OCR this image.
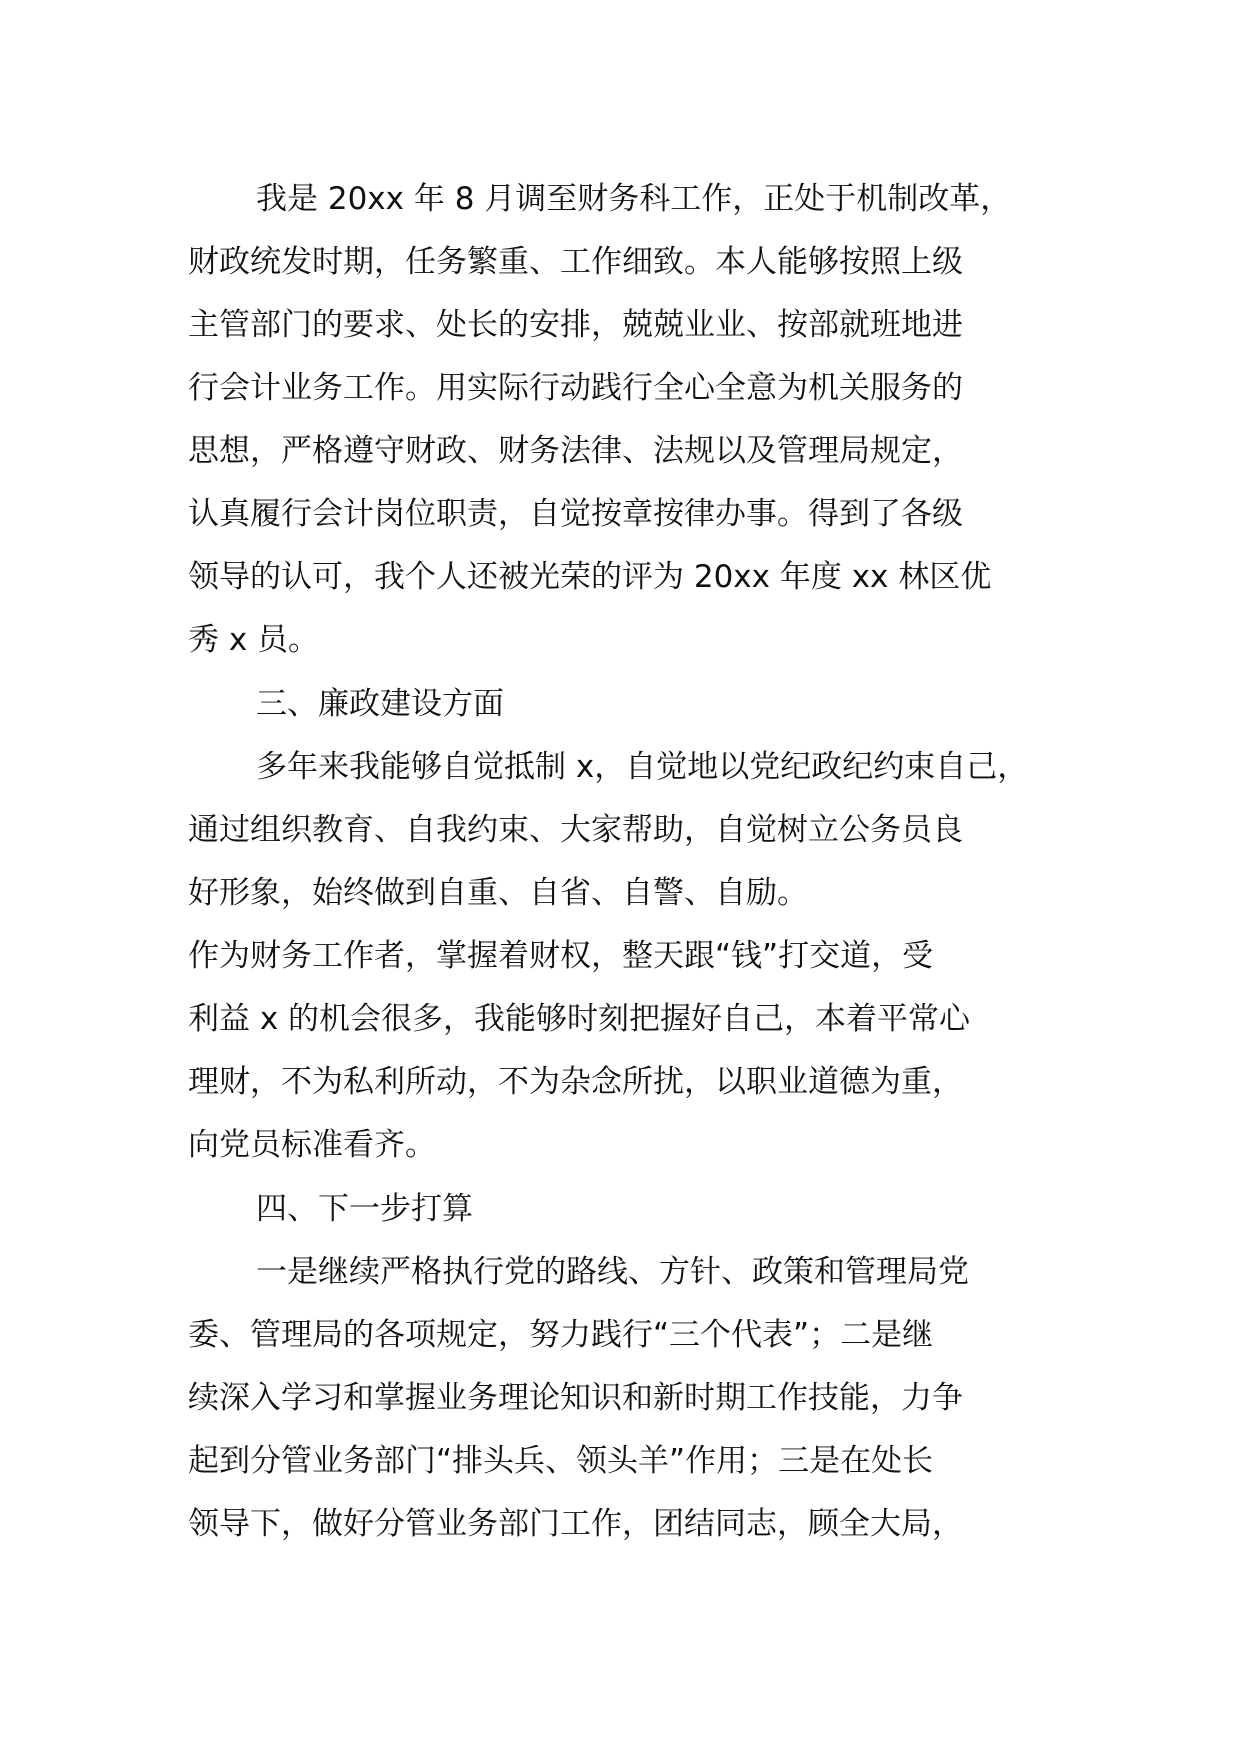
我是 20xx 年 8 月调至财务科工作，正处于机制改革，
财政统发时期，任务繁重、工作细致。本人能够按照上级
主管部门的要求、处长的安排，兢兢业业、按部就班地进
行会计业务工作。用实际行动践行全心全意为机关服务的
思想，严格遵守财政、财务法律、法规以及管理局规定，
认真履行会计岗位职责，自觉按章按律办事。得到了各级
领导的认可，我个人还被光荣的评为 20xx 年度 xx 林区优
秀 x 员。
三、廉政建设方面
多年来我能够自觉抵制 x，自觉地以党纪政纪约束自己，
通过组织教育、自我约束、大家帮助，自觉树立公务员良
好形象，始终做到自重、自省、自警、自励。
作为财务工作者，掌握着财权，整天跟“钱”打交道，受
利益 x 的机会很多，我能够时刻把握好自己，本着平常心
理财，不为私利所动，不为杂念所扰，以职业道德为重，
向党员标准看齐。
四、下一步打算
一是继续严格执行党的路线、方针、政策和管理局党
委、管理局的各项规定，努力践行“三个代表”；二是继
续深入学习和掌握业务理论知识和新时期工作技能，力争
起到分管业务部门“排头兵、领头羊”作用；三是在处长
领导下，做好分管业务部门工作，团结同志，顾全大局，
